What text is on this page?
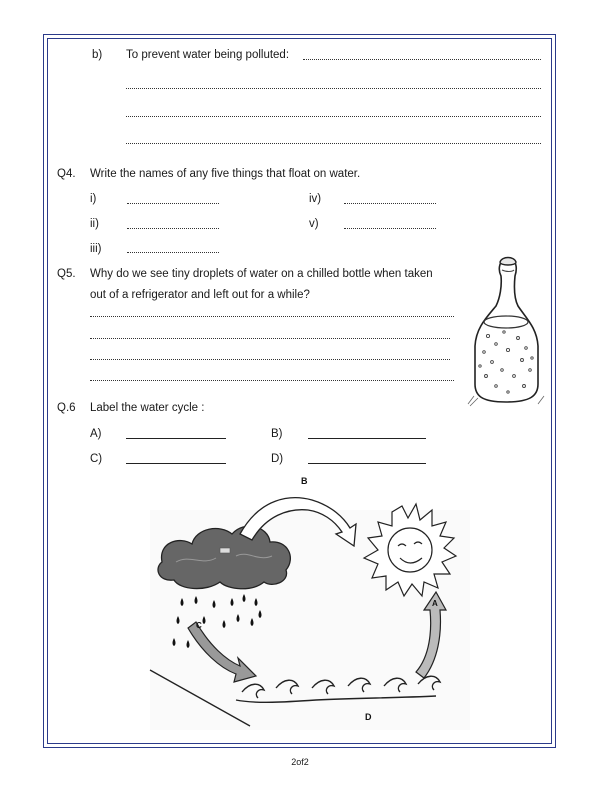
b) To prevent water being polluted:
Q4. Write the names of any five things that float on water.
i)
ii)
iii)
iv)
v)
Q5. Why do we see tiny droplets of water on a chilled bottle when taken
out of a refrigerator and left out for a while?
Q.6 Label the water cycle :
A)	B)
C)	D)
B
A
C
D
2of2
